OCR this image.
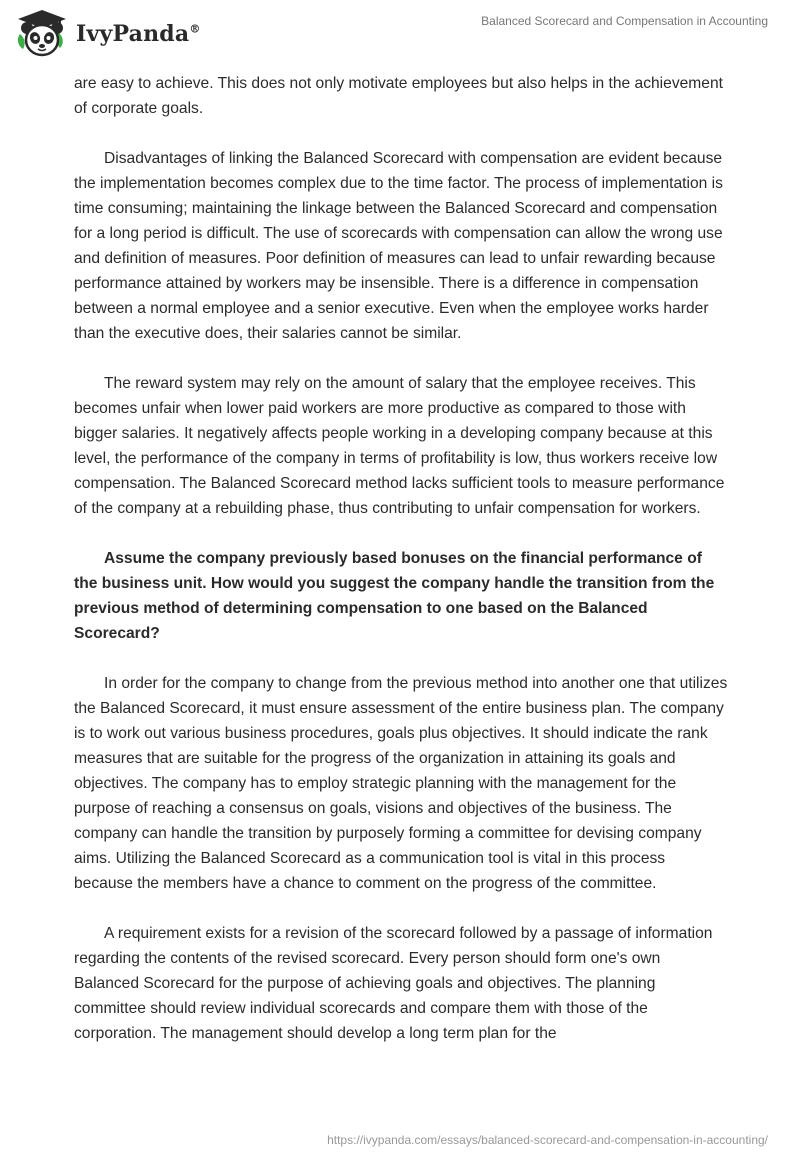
IvyPanda®
Balanced Scorecard and Compensation in Accounting

are easy to achieve. This does not only motivate employees but also helps in the achievement of corporate goals.

Disadvantages of linking the Balanced Scorecard with compensation are evident because the implementation becomes complex due to the time factor. The process of implementation is time consuming; maintaining the linkage between the Balanced Scorecard and compensation for a long period is difficult. The use of scorecards with compensation can allow the wrong use and definition of measures. Poor definition of measures can lead to unfair rewarding because performance attained by workers may be insensible. There is a difference in compensation between a normal employee and a senior executive. Even when the employee works harder than the executive does, their salaries cannot be similar.

The reward system may rely on the amount of salary that the employee receives. This becomes unfair when lower paid workers are more productive as compared to those with bigger salaries. It negatively affects people working in a developing company because at this level, the performance of the company in terms of profitability is low, thus workers receive low compensation. The Balanced Scorecard method lacks sufficient tools to measure performance of the company at a rebuilding phase, thus contributing to unfair compensation for workers.

Assume the company previously based bonuses on the financial performance of the business unit. How would you suggest the company handle the transition from the previous method of determining compensation to one based on the Balanced Scorecard?

In order for the company to change from the previous method into another one that utilizes the Balanced Scorecard, it must ensure assessment of the entire business plan. The company is to work out various business procedures, goals plus objectives. It should indicate the rank measures that are suitable for the progress of the organization in attaining its goals and objectives. The company has to employ strategic planning with the management for the purpose of reaching a consensus on goals, visions and objectives of the business. The company can handle the transition by purposely forming a committee for devising company aims. Utilizing the Balanced Scorecard as a communication tool is vital in this process because the members have a chance to comment on the progress of the committee.

A requirement exists for a revision of the scorecard followed by a passage of information regarding the contents of the revised scorecard. Every person should form one's own Balanced Scorecard for the purpose of achieving goals and objectives. The planning committee should review individual scorecards and compare them with those of the corporation. The management should develop a long term plan for the

https://ivypanda.com/essays/balanced-scorecard-and-compensation-in-accounting/
